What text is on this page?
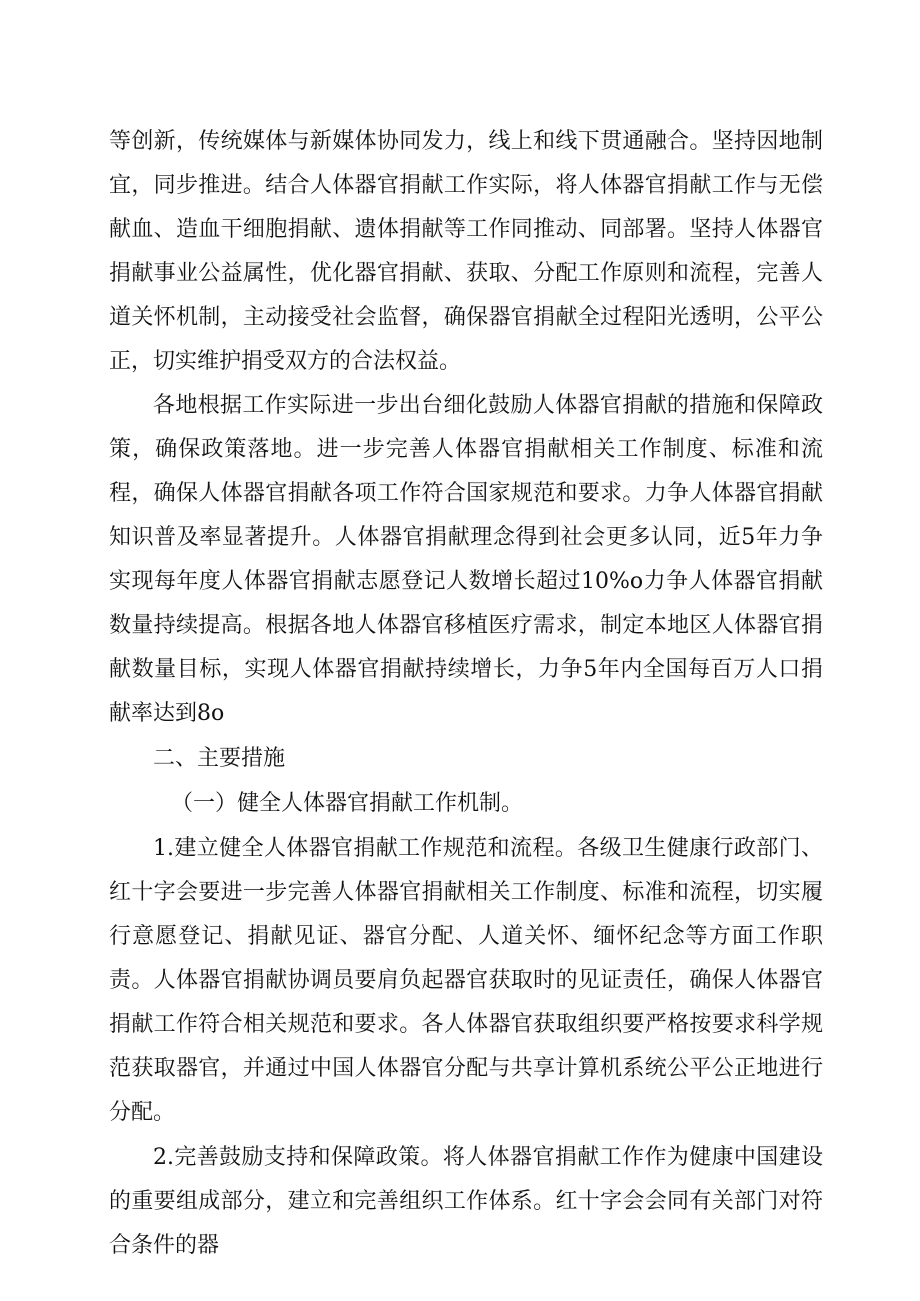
等创新，传统媒体与新媒体协同发力，线上和线下贯通融合。坚持因地制宜，同步推进。结合人体器官捐献工作实际，将人体器官捐献工作与无偿献血、造血干细胞捐献、遗体捐献等工作同推动、同部署。坚持人体器官捐献事业公益属性，优化器官捐献、获取、分配工作原则和流程，完善人道关怀机制，主动接受社会监督，确保器官捐献全过程阳光透明，公平公正，切实维护捐受双方的合法权益。

各地根据工作实际进一步出台细化鼓励人体器官捐献的措施和保障政策，确保政策落地。进一步完善人体器官捐献相关工作制度、标准和流程，确保人体器官捐献各项工作符合国家规范和要求。力争人体器官捐献知识普及率显著提升。人体器官捐献理念得到社会更多认同，近5年力争实现每年度人体器官捐献志愿登记人数增长超过10%o力争人体器官捐献数量持续提高。根据各地人体器官移植医疗需求，制定本地区人体器官捐献数量目标，实现人体器官捐献持续增长，力争5年内全国每百万人口捐献率达到8o

二、主要措施

（一）健全人体器官捐献工作机制。

1.建立健全人体器官捐献工作规范和流程。各级卫生健康行政部门、红十字会要进一步完善人体器官捐献相关工作制度、标准和流程，切实履行意愿登记、捐献见证、器官分配、人道关怀、缅怀纪念等方面工作职责。人体器官捐献协调员要肩负起器官获取时的见证责任，确保人体器官捐献工作符合相关规范和要求。各人体器官获取组织要严格按要求科学规范获取器官，并通过中国人体器官分配与共享计算机系统公平公正地进行分配。

2.完善鼓励支持和保障政策。将人体器官捐献工作作为健康中国建设的重要组成部分，建立和完善组织工作体系。红十字会会同有关部门对符合条件的器
